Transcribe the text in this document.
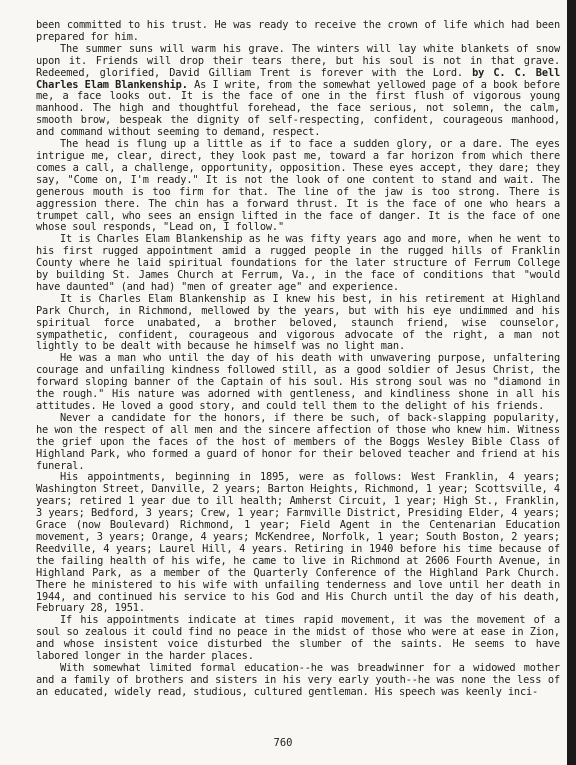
been committed to his trust. He was ready to receive the crown of life which had been prepared for him.

The summer suns will warm his grave. The winters will lay white blankets of snow upon it. Friends will drop their tears there, but his soul is not in that grave. Redeemed, glorified, David Gilliam Trent is forever with the Lord. by C. C. Bell Charles Elam Blankenship. As I write, from the somewhat yellowed page of a book before me, a face looks out. It is the face of one in the first flush of vigorous young manhood. The high and thoughtful forehead, the face serious, not solemn, the calm, smooth brow, bespeak the dignity of self-respecting, confident, courageous manhood, and command without seeming to demand, respect.

The head is flung up a little as if to face a sudden glory, or a dare. The eyes intrigue me, clear, direct, they look past me, toward a far horizon from which there comes a call, a challenge, opportunity, opposition. These eyes accept, they dare; they say, "Come on, I'm ready." It is not the look of one content to stand and wait. The generous mouth is too firm for that. The line of the jaw is too strong. There is aggression there. The chin has a forward thrust. It is the face of one who hears a trumpet call, who sees an ensign lifted in the face of danger. It is the face of one whose soul responds, "Lead on, I follow."

It is Charles Elam Blankenship as he was fifty years ago and more, when he went to his first rugged appointment amid a rugged people in the rugged hills of Franklin County where he laid spiritual foundations for the later structure of Ferrum College by building St. James Church at Ferrum, Va., in the face of conditions that "would have daunted" (and had) "men of greater age" and experience.

It is Charles Elam Blankenship as I knew his best, in his retirement at Highland Park Church, in Richmond, mellowed by the years, but with his eye undimmed and his spiritual force unabated, a brother beloved, staunch friend, wise counselor, sympathetic, confident, courageous and vigorous advocate of the right, a man not lightly to be dealt with because he himself was no light man.

He was a man who until the day of his death with unwavering purpose, unfaltering courage and unfailing kindness followed still, as a good soldier of Jesus Christ, the forward sloping banner of the Captain of his soul. His strong soul was no "diamond in the rough." His nature was adorned with gentleness, and kindliness shone in all his attitudes. He loved a good story, and could tell them to the delight of his friends.

Never a candidate for the honors, if there be such, of back-slapping popularity, he won the respect of all men and the sincere affection of those who knew him. Witness the grief upon the faces of the host of members of the Boggs Wesley Bible Class of Highland Park, who formed a guard of honor for their beloved teacher and friend at his funeral.

His appointments, beginning in 1895, were as follows: West Franklin, 4 years; Washington Street, Danville, 2 years; Barton Heights, Richmond, 1 year; Scottsville, 4 years; retired 1 year due to ill health; Amherst Circuit, 1 year; High St., Franklin, 3 years; Bedford, 3 years; Crew, 1 year; Farmville District, Presiding Elder, 4 years; Grace (now Boulevard) Richmond, 1 year; Field Agent in the Centenarian Education movement, 3 years; Orange, 4 years; McKendree, Norfolk, 1 year; South Boston, 2 years; Reedville, 4 years; Laurel Hill, 4 years. Retiring in 1940 before his time because of the failing health of his wife, he came to live in Richmond at 2606 Fourth Avenue, in Highland Park, as a member of the Quarterly Conference of the Highland Park Church. There he ministered to his wife with unfailing tenderness and love until her death in 1944, and continued his service to his God and His Church until the day of his death, February 28, 1951.

If his appointments indicate at times rapid movement, it was the movement of a soul so zealous it could find no peace in the midst of those who were at ease in Zion, and whose insistent voice disturbed the slumber of the saints. He seems to have labored longer in the harder places.

With somewhat limited formal education--he was breadwinner for a widowed mother and a family of brothers and sisters in his very early youth--he was none the less of an educated, widely read, studious, cultured gentleman. His speech was keenly inci-

760
